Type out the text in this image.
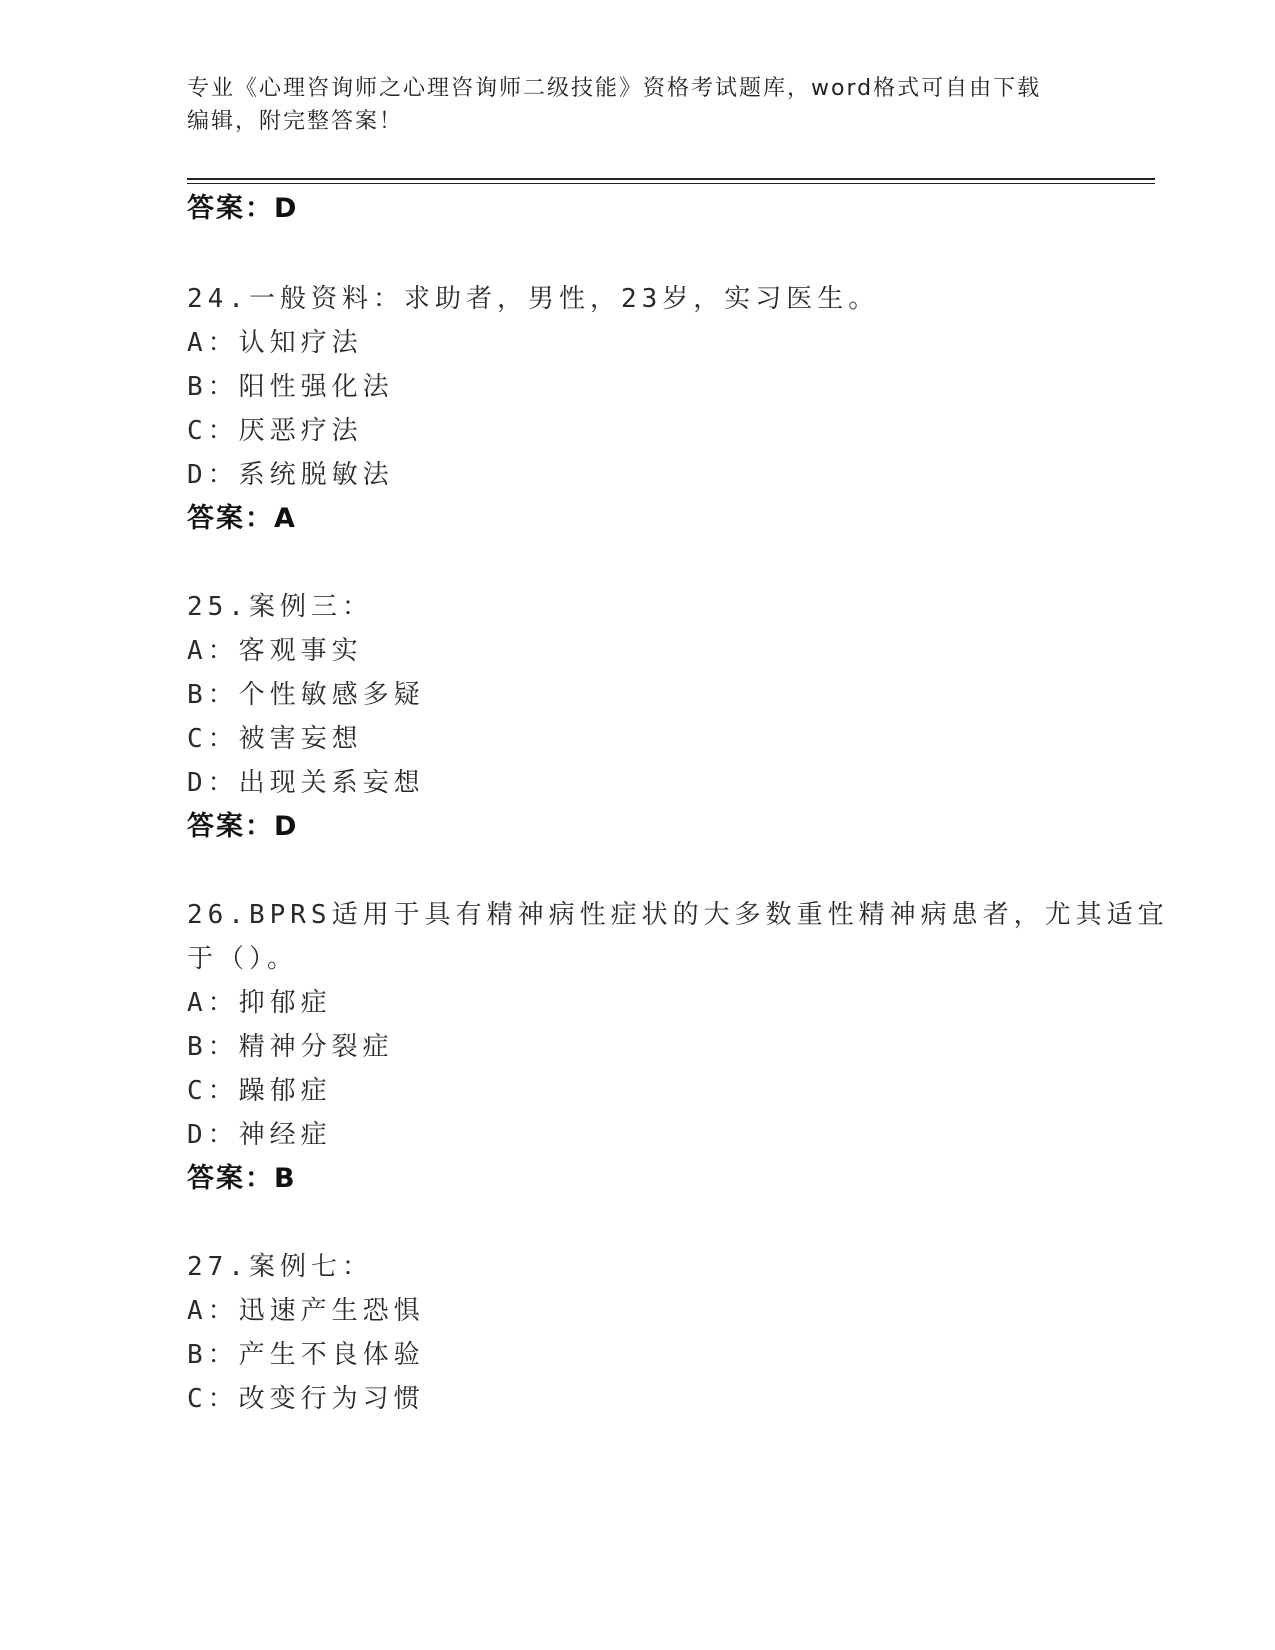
专业《心理咨询师之心理咨询师二级技能》资格考试题库，word格式可自由下载
编辑，附完整答案！
答案：D
24.一般资料：求助者，男性，23岁，实习医生。
A：认知疗法
B：阳性强化法
C：厌恶疗法
D：系统脱敏法
答案：A
25.案例三：
A：客观事实
B：个性敏感多疑
C：被害妄想
D：出现关系妄想
答案：D
26.BPRS适用于具有精神病性症状的大多数重性精神病患者，尤其适宜
于（）。
A：抑郁症
B：精神分裂症
C：躁郁症
D：神经症
答案：B
27.案例七：
A：迅速产生恐惧
B：产生不良体验
C：改变行为习惯
